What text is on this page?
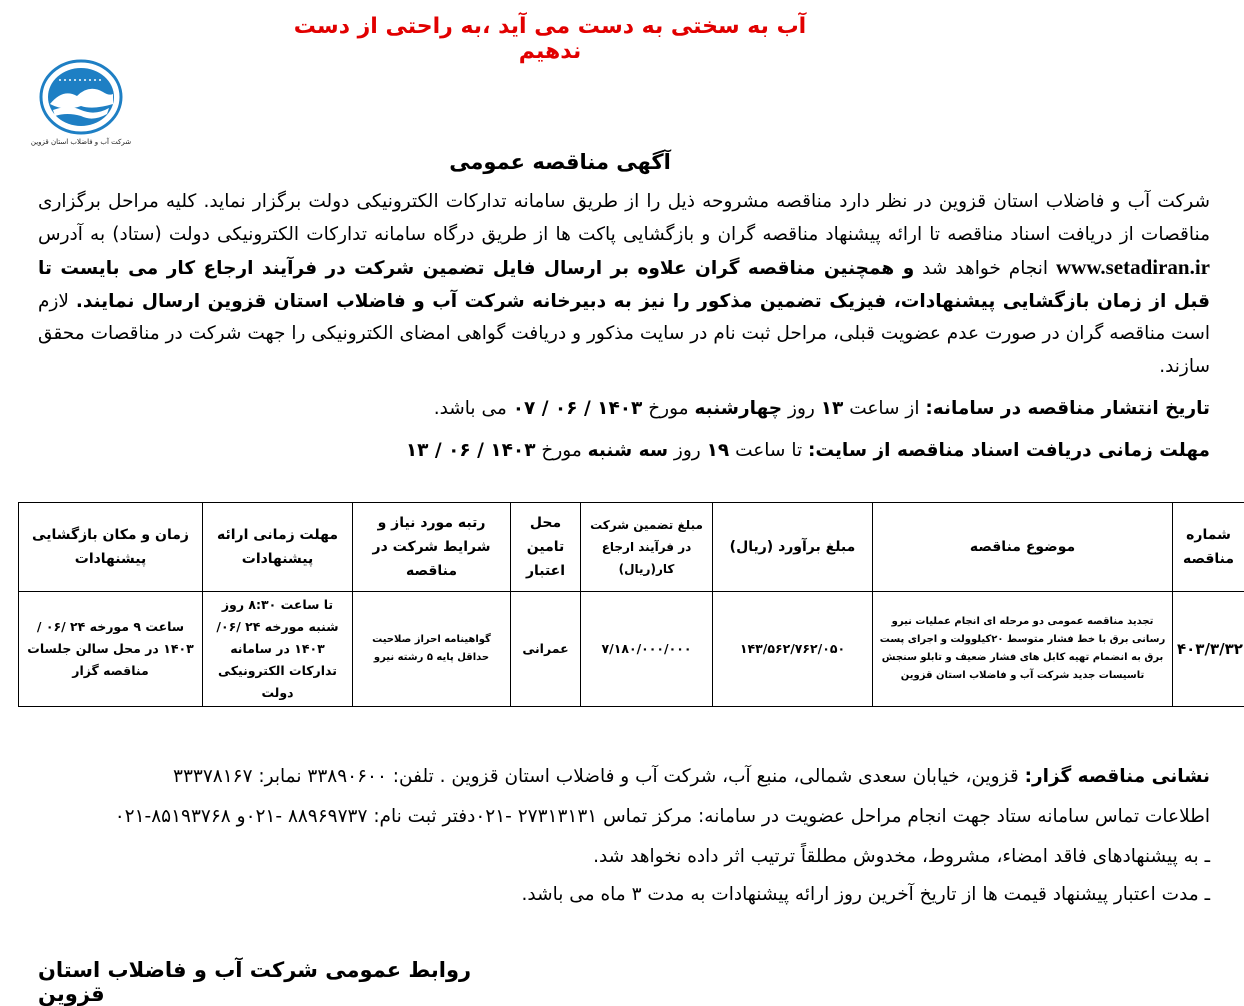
آب به سختی به دست می آید ،به راحتی از دست ندهیم
شرکت آب و فاضلاب استان قزوین
آگهی مناقصه عمومی
شرکت آب و فاضلاب استان قزوین در نظر دارد مناقصه مشروحه ذیل را از طریق سامانه تدارکات الکترونیکی دولت برگزار نماید. کلیه مراحل برگزاری مناقصات از دریافت اسناد مناقصه تا ارائه پیشنهاد مناقصه گران و بازگشایی پاکت ها از طریق درگاه سامانه تدارکات الکترونیکی دولت (ستاد) به آدرس www.setadiran.ir انجام خواهد شد و همچنین مناقصه گران علاوه بر ارسال فایل تضمین شرکت در فرآیند ارجاع کار می بایست تا قبل از زمان بازگشایی پیشنهادات، فیزیک تضمین مذکور را نیز به دبیرخانه شرکت آب و فاضلاب استان قزوین ارسال نمایند. لازم است مناقصه گران در صورت عدم عضویت قبلی، مراحل ثبت نام در سایت مذکور و دریافت گواهی امضای الکترونیکی را جهت شرکت در مناقصات محقق سازند.
تاریخ انتشار مناقصه در سامانه: از ساعت ۱۳ روز چهارشنبه مورخ ۱۴۰۳ / ۰۶ / ۰۷ می باشد.
مهلت زمانی دریافت اسناد مناقصه از سایت: تا ساعت ۱۹ روز سه شنبه مورخ ۱۴۰۳ / ۰۶ / ۱۳
شماره مناقصه	موضوع مناقصه	مبلغ برآورد (ریال)	مبلغ تضمین شرکت در فرآیند ارجاع کار(ریال)	محل تامین اعتبار	رتبه مورد نیاز و شرایط شرکت در مناقصه	مهلت زمانی ارائه پیشنهادات	زمان و مکان بازگشایی پیشنهادات
۴۰۳/۳/۳۲	تجدید مناقصه عمومی دو مرحله ای انجام عملیات نیرو رسانی برق با خط فشار متوسط ۲۰کیلوولت و اجرای پست برق به انضمام تهیه کابل های فشار ضعیف و تابلو سنجش تاسیسات جدید شرکت آب و فاضلاب استان قزوین	۱۴۳/۵۶۲/۷۶۲/۰۵۰	۷/۱۸۰/۰۰۰/۰۰۰	عمرانی	گواهینامه احراز صلاحیت حداقل پایه ۵ رشته نیرو	تا ساعت ۸:۳۰ روز شنبه مورخه ۲۴ /۰۶/ ۱۴۰۳ در سامانه تدارکات الکترونیکی دولت	ساعت ۹ مورخه ۲۴ /۰۶ / ۱۴۰۳ در محل سالن جلسات مناقصه گزار
نشانی مناقصه گزار: قزوین، خیابان سعدی شمالی، منبع آب، شرکت آب و فاضلاب استان قزوین . تلفن: ۳۳۸۹۰۶۰۰ نمابر: ۳۳۳۷۸۱۶۷
اطلاعات تماس سامانه ستاد جهت انجام مراحل عضویت در سامانه: مرکز تماس ۲۷۳۱۳۱۳۱ -۰۲۱دفتر ثبت نام: ۸۸۹۶۹۷۳۷ -۰۲۱و ۸۵۱۹۳۷۶۸-۰۲۱
ـ به پیشنهادهای فاقد امضاء، مشروط، مخدوش مطلقاً ترتیب اثر داده نخواهد شد.
ـ مدت اعتبار پیشنهاد قیمت ها از تاریخ آخرین روز ارائه پیشنهادات به مدت ۳ ماه می باشد.
روابط عمومی شرکت آب و فاضلاب استان قزوین
